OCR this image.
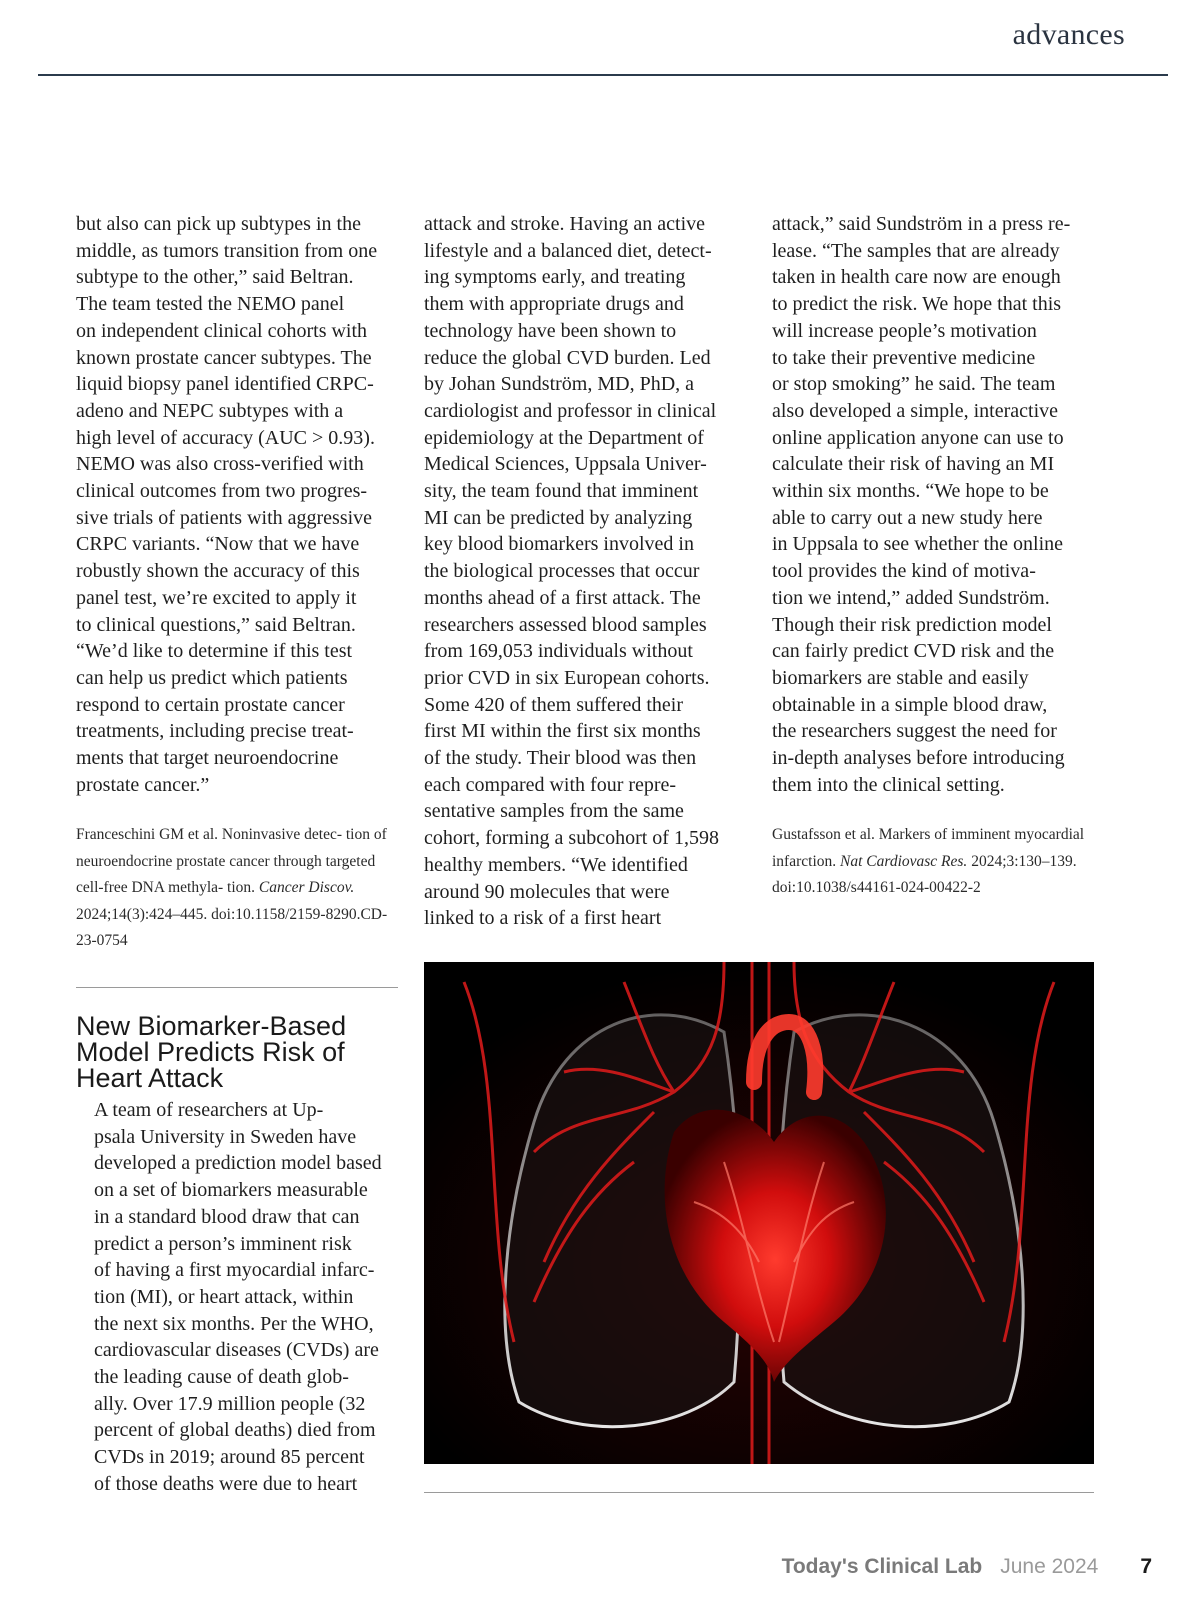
advances
but also can pick up subtypes in the
middle, as tumors transition from one
subtype to the other,” said Beltran.
The team tested the NEMO panel
on independent clinical cohorts with
known prostate cancer subtypes. The
liquid biopsy panel identified CRPC-
adeno and NEPC subtypes with a
high level of accuracy (AUC > 0.93).
NEMO was also cross-verified with
clinical outcomes from two progres-
sive trials of patients with aggressive
CRPC variants. “Now that we have
robustly shown the accuracy of this
panel test, we’re excited to apply it
to clinical questions,” said Beltran.
“We’d like to determine if this test
can help us predict which patients
respond to certain prostate cancer
treatments, including precise treat-
ments that target neuroendocrine
prostate cancer.”
Franceschini GM et al. Noninvasive detec- tion of neuroendocrine prostate cancer through targeted cell-free DNA methyla- tion. Cancer Discov. 2024;14(3):424–445. doi:10.1158/2159-8290.CD-23-0754
New Biomarker-Based Model Predicts Risk of Heart Attack
A team of researchers at Up-
psala University in Sweden have
developed a prediction model based
on a set of biomarkers measurable
in a standard blood draw that can
predict a person’s imminent risk
of having a first myocardial infarc-
tion (MI), or heart attack, within
the next six months. Per the WHO,
cardiovascular diseases (CVDs) are
the leading cause of death glob-
ally. Over 17.9 million people (32
percent of global deaths) died from
CVDs in 2019; around 85 percent
of those deaths were due to heart
attack and stroke. Having an active
lifestyle and a balanced diet, detect-
ing symptoms early, and treating
them with appropriate drugs and
technology have been shown to
reduce the global CVD burden. Led
by Johan Sundström, MD, PhD, a
cardiologist and professor in clinical
epidemiology at the Department of
Medical Sciences, Uppsala Univer-
sity, the team found that imminent
MI can be predicted by analyzing
key blood biomarkers involved in
the biological processes that occur
months ahead of a first attack. The
researchers assessed blood samples
from 169,053 individuals without
prior CVD in six European cohorts.
Some 420 of them suffered their
first MI within the first six months
of the study. Their blood was then
each compared with four repre-
sentative samples from the same
cohort, forming a subcohort of 1,598
healthy members. “We identified
around 90 molecules that were
linked to a risk of a first heart
attack,” said Sundström in a press re-
lease. “The samples that are already
taken in health care now are enough
to predict the risk. We hope that this
will increase people’s motivation
to take their preventive medicine
or stop smoking” he said. The team
also developed a simple, interactive
online application anyone can use to
calculate their risk of having an MI
within six months. “We hope to be
able to carry out a new study here
in Uppsala to see whether the online
tool provides the kind of motiva-
tion we intend,” added Sundström.
Though their risk prediction model
can fairly predict CVD risk and the
biomarkers are stable and easily
obtainable in a simple blood draw,
the researchers suggest the need for
in-depth analyses before introducing
them into the clinical setting.
Gustafsson et al. Markers of imminent myocardial infarction. Nat Cardiovasc Res. 2024;3:130–139. doi:10.1038/s44161-024-00422-2
Today's Clinical Lab June 2024 7
